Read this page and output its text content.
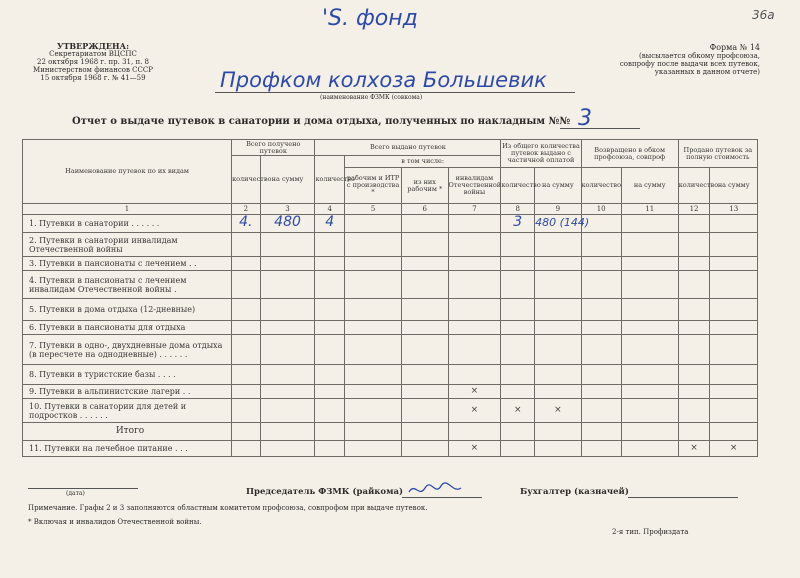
'S. фонд	36а
УТВЕРЖДЕНА:
Секретариатом ВЦСПС
22 октября 1968 г. пр. 31, п. 8
Министерством финансов СССР
15 октября 1968 г. № 41—59
Форма № 14
(высылается обкому профсоюза,
совпрофу после выдачи всех путевок,
указанных в данном отчете)
Профком колхоза Большевик
(наименование ФЗМК (совкома)
Отчет о выдаче путевок в санатории и дома отдыха, полученных по накладным №№ 3
Наименование путевок по их видам	Всего получено путевок		Всего выдано путевок				Из общего количества путевок выдано с частичной оплатой		Возвращено в обком профсоюза, совпроф		Продано путевок за полную стоимость	
	количество	на сумму	количество	в том числе:								
				рабочим и ИТР с производства *	из них рабочим *	инвалидам Отечественной войны	количество	на сумму	количество	на сумму	количество	на сумму
1	2	3	4	5	6	7	8	9	10	11	12	13
1. Путевки в санатории . . . . . .	4.	480	4				3	480 (144)				
2. Путевки в санатории инвалидам Отечественной войны												
3. Путевки в пансионаты с лечением . .												
4. Путевки в пансионаты с лечением инвалидам Отечественной войны .												
5. Путевки в дома отдыха (12-дневные)												
6. Путевки в пансионаты для отдыха												
7. Путевки в одно-, двухдневные дома отдыха (в пересчете на однодневные) . . . . . .												
8. Путевки в туристские базы . . . .												
9. Путевки в альпинистские лагери . .						×						
10. Путевки в санатории для детей и подростков . . . . . .						×	×	×				
Итого												
11. Путевки на лечебное питание . . .						×					×	×
(дата)	Председатель ФЗМК (райкома)	Бухгалтер (казначей)
Примечание. Графы 2 и 3 заполняются областным комитетом профсоюза, совпрофом при выдаче путевок.
* Включая и инвалидов Отечественной войны.
2-я тип. Профиздата
